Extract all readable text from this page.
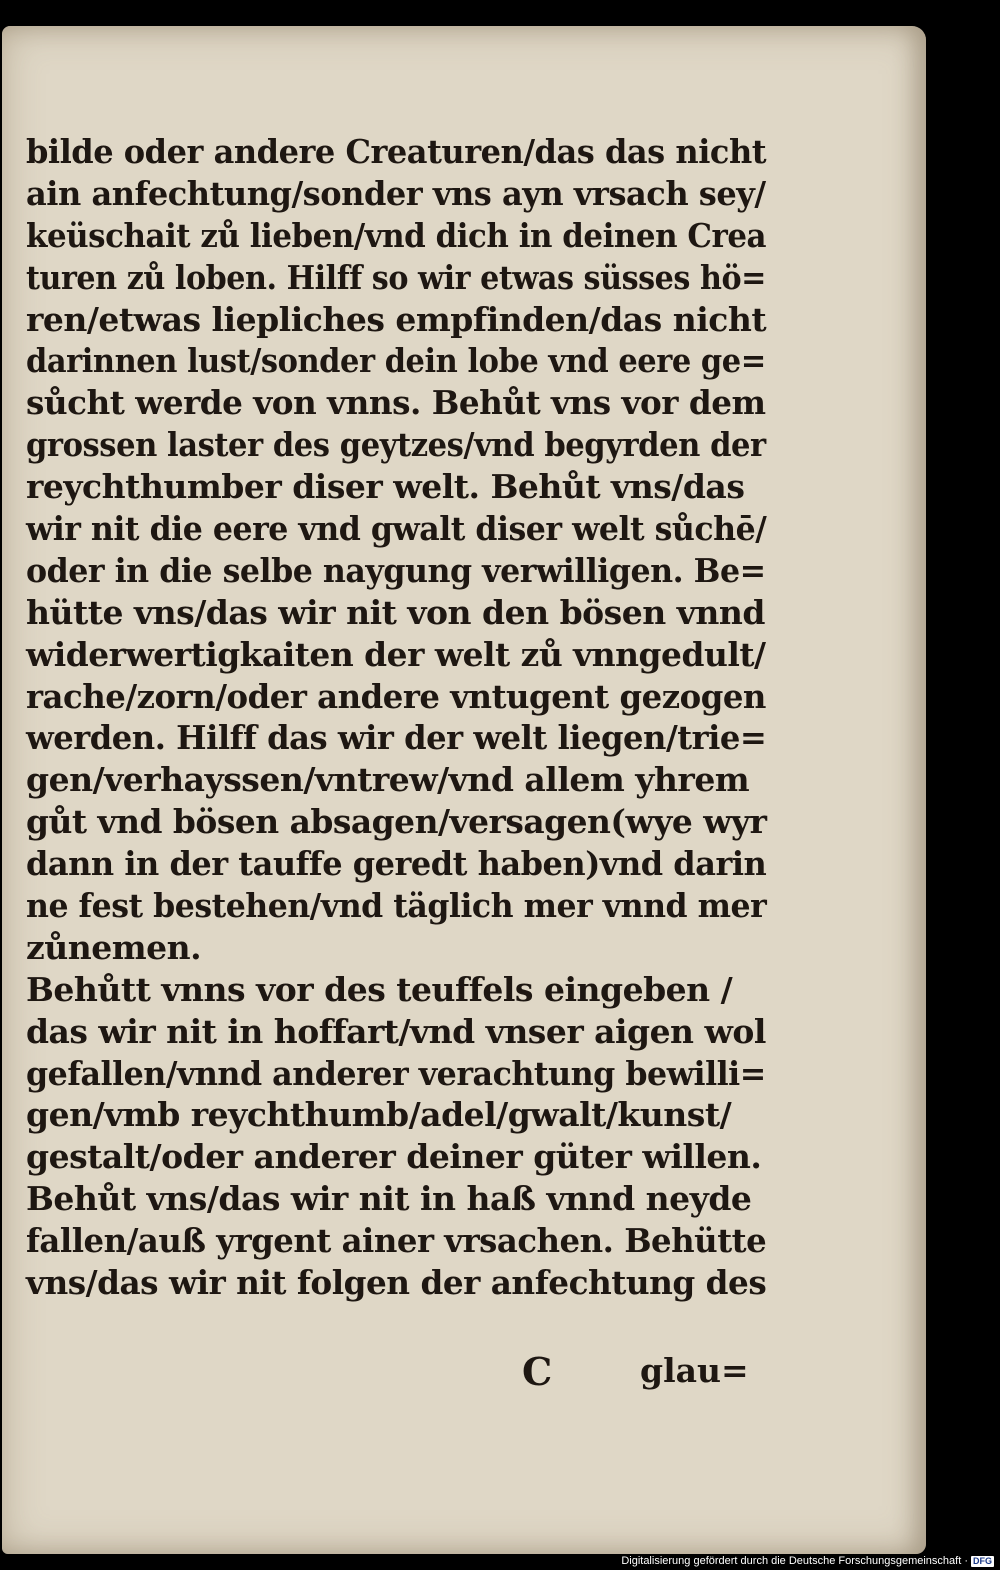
bilde oder andere Creaturen/das das nicht
ain anfechtung/sonder vns ayn vrsach sey/
keüschait zů lieben/vnd dich in deinen Crea
turen zů loben. Hilff so wir etwas süsses hö=
ren/etwas liepliches empfinden/das nicht
darinnen lust/sonder dein lobe vnd eere ge=
sůcht werde von vnns. Behůt vns vor dem
grossen laster des geytzes/vnd begyrden der
reychthumber diser welt. Behůt vns/das
wir nit die eere vnd gwalt diser welt sůchē/
oder in die selbe naygung verwilligen. Be=
hütte vns/das wir nit von den bösen vnnd
widerwertigkaiten der welt zů vnngedult/
rache/zorn/oder andere vntugent gezogen
werden. Hilff das wir der welt liegen/trie=
gen/verhayssen/vntrew/vnd allem yhrem
gůt vnd bösen absagen/versagen(wye wyr
dann in der tauffe geredt haben)vnd darin
ne fest bestehen/vnd täglich mer vnnd mer
zůnemen.
Behůtt vnns vor des teuffels eingeben /
das wir nit in hoffart/vnd vnser aigen wol
gefallen/vnnd anderer verachtung bewilli=
gen/vmb reychthumb/adel/gwalt/kunst/
gestalt/oder anderer deiner güter willen.
Behůt vns/das wir nit in haß vnnd neyde
fallen/auß yrgent ainer vrsachen. Behütte
vns/das wir nit folgen der anfechtung des
C	glau=
Digitalisierung gefördert durch die Deutsche Forschungsgemeinschaft · DFG
